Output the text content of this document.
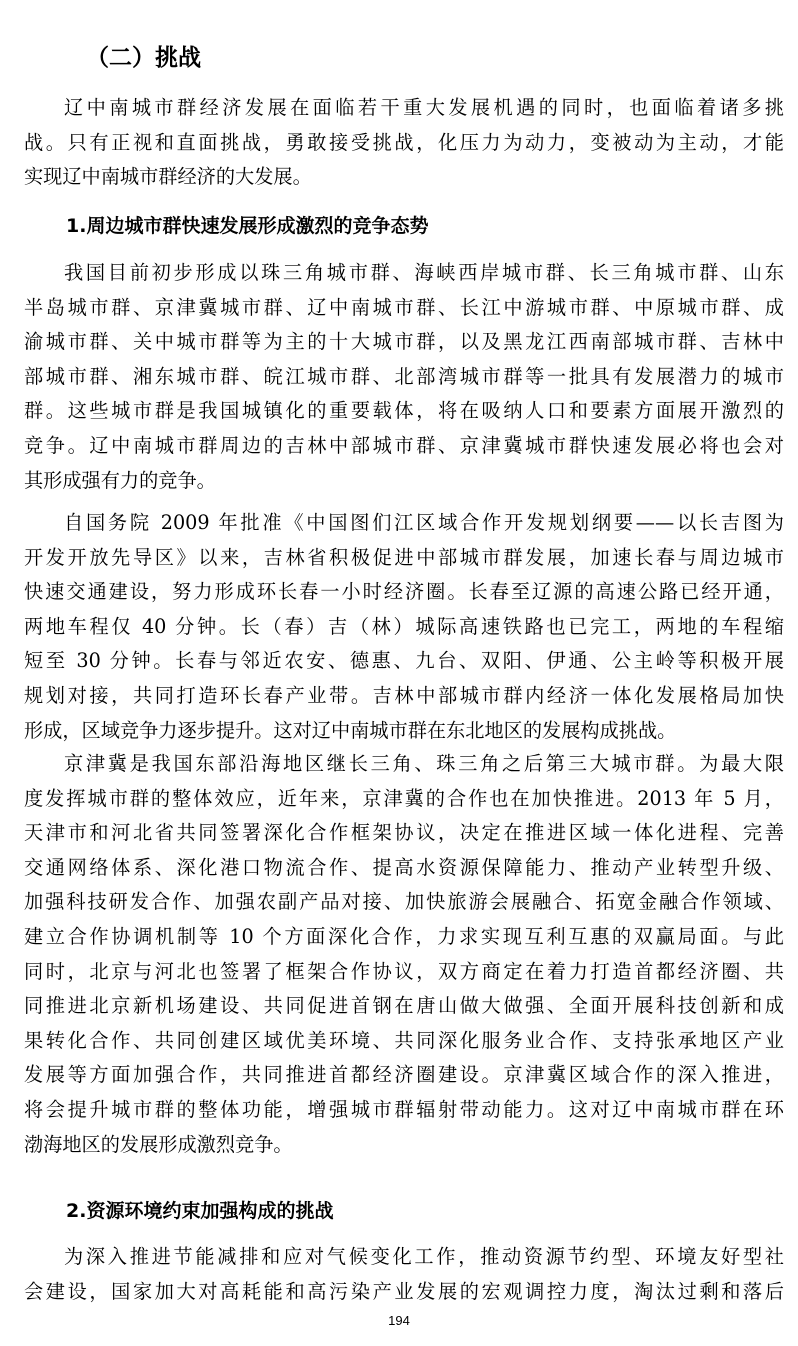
（二）挑战
辽中南城市群经济发展在面临若干重大发展机遇的同时，也面临着诸多挑
战。只有正视和直面挑战，勇敢接受挑战，化压力为动力，变被动为主动，才能
实现辽中南城市群经济的大发展。
1.周边城市群快速发展形成激烈的竞争态势
我国目前初步形成以珠三角城市群、海峡西岸城市群、长三角城市群、山东
半岛城市群、京津冀城市群、辽中南城市群、长江中游城市群、中原城市群、成
渝城市群、关中城市群等为主的十大城市群，以及黑龙江西南部城市群、吉林中
部城市群、湘东城市群、皖江城市群、北部湾城市群等一批具有发展潜力的城市
群。这些城市群是我国城镇化的重要载体，将在吸纳人口和要素方面展开激烈的
竞争。辽中南城市群周边的吉林中部城市群、京津冀城市群快速发展必将也会对
其形成强有力的竞争。
自国务院 2009 年批准《中国图们江区域合作开发规划纲要——以长吉图为
开发开放先导区》以来，吉林省积极促进中部城市群发展，加速长春与周边城市
快速交通建设，努力形成环长春一小时经济圈。长春至辽源的高速公路已经开通，
两地车程仅 40 分钟。长（春）吉（林）城际高速铁路也已完工，两地的车程缩
短至 30 分钟。长春与邻近农安、德惠、九台、双阳、伊通、公主岭等积极开展
规划对接，共同打造环长春产业带。吉林中部城市群内经济一体化发展格局加快
形成，区域竞争力逐步提升。这对辽中南城市群在东北地区的发展构成挑战。
京津冀是我国东部沿海地区继长三角、珠三角之后第三大城市群。为最大限
度发挥城市群的整体效应，近年来，京津冀的合作也在加快推进。2013 年 5 月，
天津市和河北省共同签署深化合作框架协议，决定在推进区域一体化进程、完善
交通网络体系、深化港口物流合作、提高水资源保障能力、推动产业转型升级、
加强科技研发合作、加强农副产品对接、加快旅游会展融合、拓宽金融合作领域、
建立合作协调机制等 10 个方面深化合作，力求实现互利互惠的双赢局面。与此
同时，北京与河北也签署了框架合作协议，双方商定在着力打造首都经济圈、共
同推进北京新机场建设、共同促进首钢在唐山做大做强、全面开展科技创新和成
果转化合作、共同创建区域优美环境、共同深化服务业合作、支持张承地区产业
发展等方面加强合作，共同推进首都经济圈建设。京津冀区域合作的深入推进，
将会提升城市群的整体功能，增强城市群辐射带动能力。这对辽中南城市群在环
渤海地区的发展形成激烈竞争。
2.资源环境约束加强构成的挑战
为深入推进节能减排和应对气候变化工作，推动资源节约型、环境友好型社
会建设，国家加大对高耗能和高污染产业发展的宏观调控力度，淘汰过剩和落后

194
